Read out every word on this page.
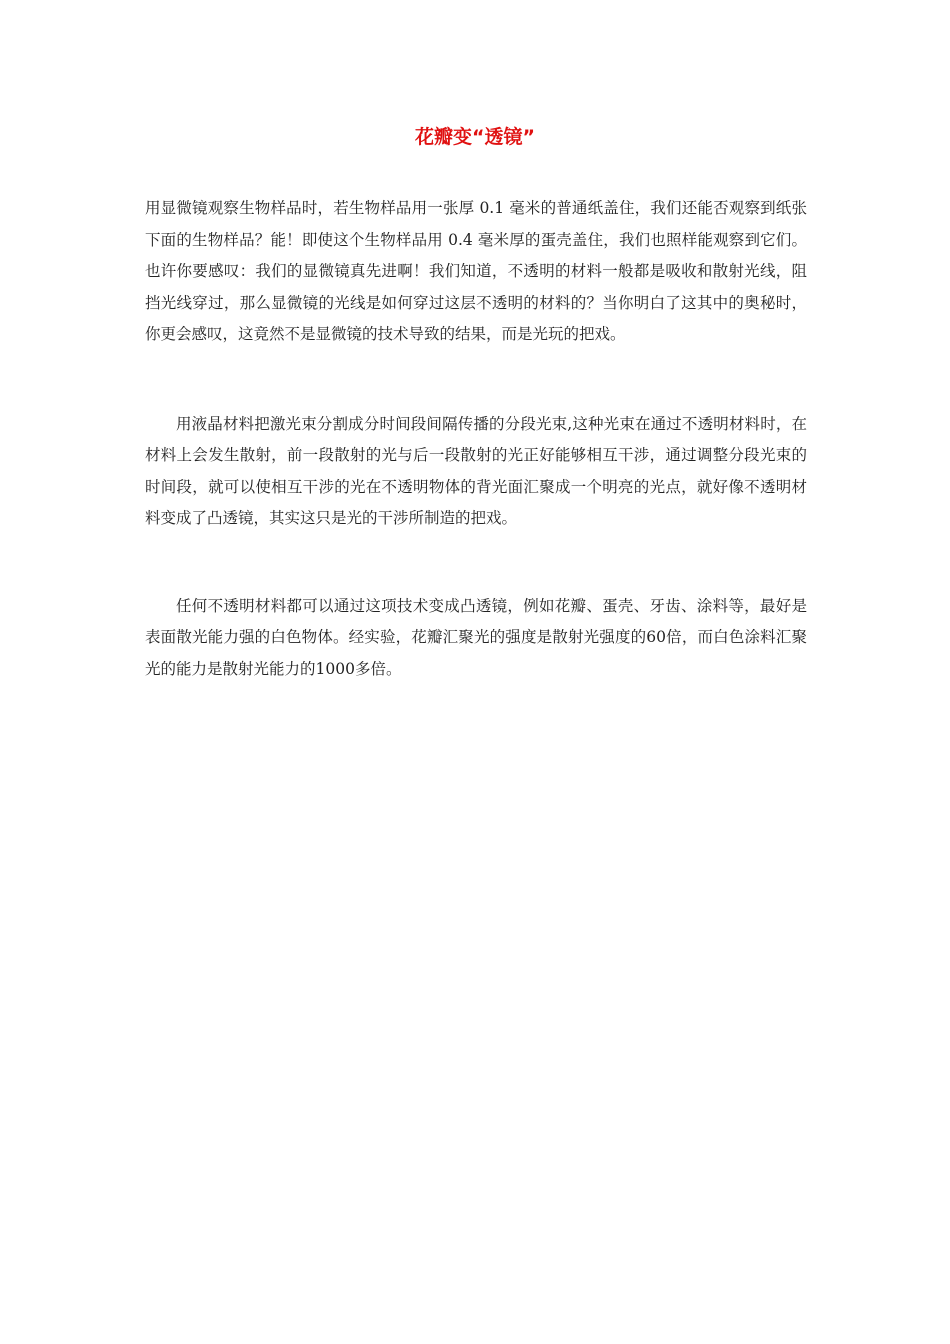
花瓣变“透镜”

用显微镜观察生物样品时，若生物样品用一张厚 0.1 毫米的普通纸盖住，我们还能否观察到纸张下面的生物样品？能！即使这个生物样品用 0.4 毫米厚的蛋壳盖住，我们也照样能观察到它们。也许你要感叹：我们的显微镜真先进啊！我们知道，不透明的材料一般都是吸收和散射光线，阻挡光线穿过，那么显微镜的光线是如何穿过这层不透明的材料的？当你明白了这其中的奥秘时，你更会感叹，这竟然不是显微镜的技术导致的结果，而是光玩的把戏。

用液晶材料把激光束分割成分时间段间隔传播的分段光束,这种光束在通过不透明材料时，在材料上会发生散射，前一段散射的光与后一段散射的光正好能够相互干涉，通过调整分段光束的时间段，就可以使相互干涉的光在不透明物体的背光面汇聚成一个明亮的光点，就好像不透明材料变成了凸透镜，其实这只是光的干涉所制造的把戏。

任何不透明材料都可以通过这项技术变成凸透镜，例如花瓣、蛋壳、牙齿、涂料等，最好是表面散光能力强的白色物体。经实验，花瓣汇聚光的强度是散射光强度的60倍，而白色涂料汇聚光的能力是散射光能力的1000多倍。
